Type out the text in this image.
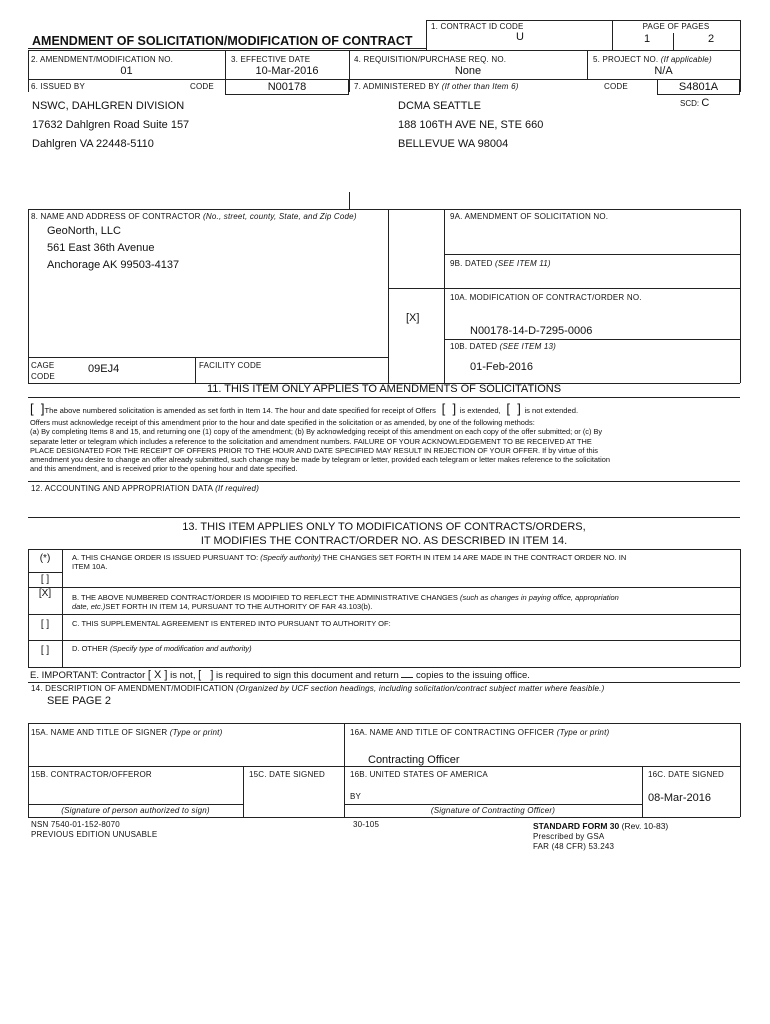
AMENDMENT OF SOLICITATION/MODIFICATION OF CONTRACT
1. CONTRACT ID CODE
U
PAGE OF PAGES
1	2
2. AMENDMENT/MODIFICATION NO.
01
3. EFFECTIVE DATE
10-Mar-2016
4. REQUISITION/PURCHASE REQ. NO.
None
5. PROJECT NO. (If applicable)
N/A
6. ISSUED BY	CODE	N00178	7. ADMINISTERED BY (If other than Item 6)	CODE	S4801A
SCD: C
NSWC, DAHLGREN DIVISION
17632 Dahlgren Road Suite 157
Dahlgren VA 22448-5110
DCMA SEATTLE
188 106TH AVE NE, STE 660
BELLEVUE WA 98004
8. NAME AND ADDRESS OF CONTRACTOR (No., street, county, State, and Zip Code)
GeoNorth, LLC
561 East 36th Avenue
Anchorage AK 99503-4137
9A. AMENDMENT OF SOLICITATION NO.
9B. DATED (SEE ITEM 11)
10A. MODIFICATION OF CONTRACT/ORDER NO.
[X]
N00178-14-D-7295-0006
10B. DATED (SEE ITEM 13)
01-Feb-2016
CAGE
CODE
09EJ4	FACILITY CODE
11. THIS ITEM ONLY APPLIES TO AMENDMENTS OF SOLICITATIONS
[  ]The above numbered solicitation is amended as set forth in Item 14. The hour and date specified for receipt of Offers  [  ] is extended,  [  ] is not extended.
Offers must acknowledge receipt of this amendment prior to the hour and date specified in the solicitation or as amended, by one of the following methods:
(a) By completing Items 8 and 15, and returning one (1) copy of the amendment; (b) By acknowledging receipt of this amendment on each copy of the offer submitted; or (c) By
separate letter or telegram which includes a reference to the solicitation and amendment numbers. FAILURE OF YOUR ACKNOWLEDGEMENT TO BE RECEIVED AT THE
PLACE DESIGNATED FOR THE RECEIPT OF OFFERS PRIOR TO THE HOUR AND DATE SPECIFIED MAY RESULT IN REJECTION OF YOUR OFFER. If by virtue of this
amendment you desire to change an offer already submitted, such change may be made by telegram or letter, provided each telegram or letter makes reference to the solicitation
and this amendment, and is received prior to the opening hour and date specified.
12. ACCOUNTING AND APPROPRIATION DATA (If required)
13. THIS ITEM APPLIES ONLY TO MODIFICATIONS OF CONTRACTS/ORDERS,
IT MODIFIES THE CONTRACT/ORDER NO. AS DESCRIBED IN ITEM 14.
(*)	A. THIS CHANGE ORDER IS ISSUED PURSUANT TO: (Specify authority) THE CHANGES SET FORTH IN ITEM 14 ARE MADE IN THE CONTRACT ORDER NO. IN
ITEM 10A.
[ ]
[X]	B. THE ABOVE NUMBERED CONTRACT/ORDER IS MODIFIED TO REFLECT THE ADMINISTRATIVE CHANGES (such as changes in paying office, appropriation
date, etc.)SET FORTH IN ITEM 14, PURSUANT TO THE AUTHORITY OF FAR 43.103(b).
[ ]	C. THIS SUPPLEMENTAL AGREEMENT IS ENTERED INTO PURSUANT TO AUTHORITY OF:
[ ]	D. OTHER (Specify type of modification and authority)
E. IMPORTANT: Contractor [ X ] is not, [   ] is required to sign this document and return copies to the issuing office.
14. DESCRIPTION OF AMENDMENT/MODIFICATION (Organized by UCF section headings, including solicitation/contract subject matter where feasible.)
SEE PAGE 2
15A. NAME AND TITLE OF SIGNER (Type or print)	16A. NAME AND TITLE OF CONTRACTING OFFICER (Type or print)
Contracting Officer
15B. CONTRACTOR/OFFEROR	15C. DATE SIGNED	16B. UNITED STATES OF AMERICA	16C. DATE SIGNED
BY	08-Mar-2016
(Signature of person authorized to sign)	(Signature of Contracting Officer)
NSN 7540-01-152-8070
PREVIOUS EDITION UNUSABLE
30-105	STANDARD FORM 30 (Rev. 10-83)
Prescribed by GSA
FAR (48 CFR) 53.243
